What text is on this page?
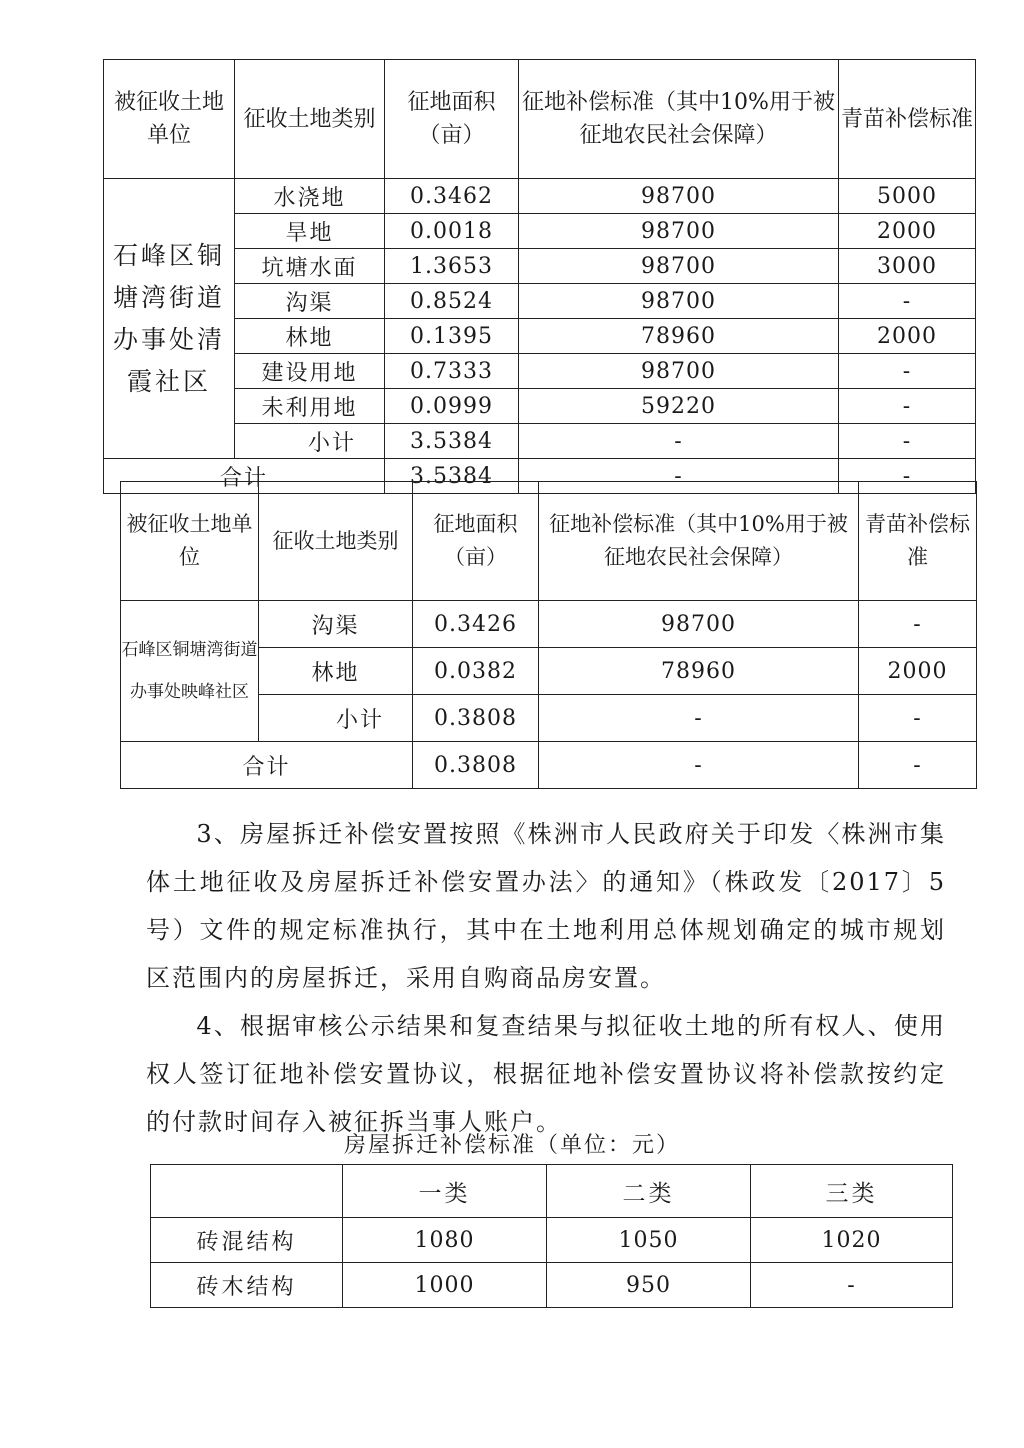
被征收土地单位	征收土地类别	征地面积（亩）	征地补偿标准（其中10%用于被征地农民社会保障）	青苗补偿标准
石峰区铜塘湾街道办事处清霞社区	水浇地	0.3462	98700	5000
	旱地	0.0018	98700	2000
	坑塘水面	1.3653	98700	3000
	沟渠	0.8524	98700	-
	林地	0.1395	78960	2000
	建设用地	0.7333	98700	-
	未利用地	0.0999	59220	-
	小计	3.5384	-	-
合计		3.5384	-	-
被征收土地单位	征收土地类别	征地面积（亩）	征地补偿标准（其中10%用于被征地农民社会保障）	青苗补偿标准
石峰区铜塘湾街道办事处映峰社区	沟渠	0.3426	98700	-
	林地	0.0382	78960	2000
	小计	0.3808	-	-
合计		0.3808	-	-

3、房屋拆迁补偿安置按照《株洲市人民政府关于印发〈株洲市集体土地征收及房屋拆迁补偿安置办法〉的通知》（株政发〔2017〕5号）文件的规定标准执行，其中在土地利用总体规划确定的城市规划区范围内的房屋拆迁，采用自购商品房安置。

4、根据审核公示结果和复查结果与拟征收土地的所有权人、使用权人签订征地补偿安置协议，根据征地补偿安置协议将补偿款按约定的付款时间存入被征拆当事人账户。

房屋拆迁补偿标准（单位：元）
	一类	二类	三类
砖混结构	1080	1050	1020
砖木结构	1000	950	-
